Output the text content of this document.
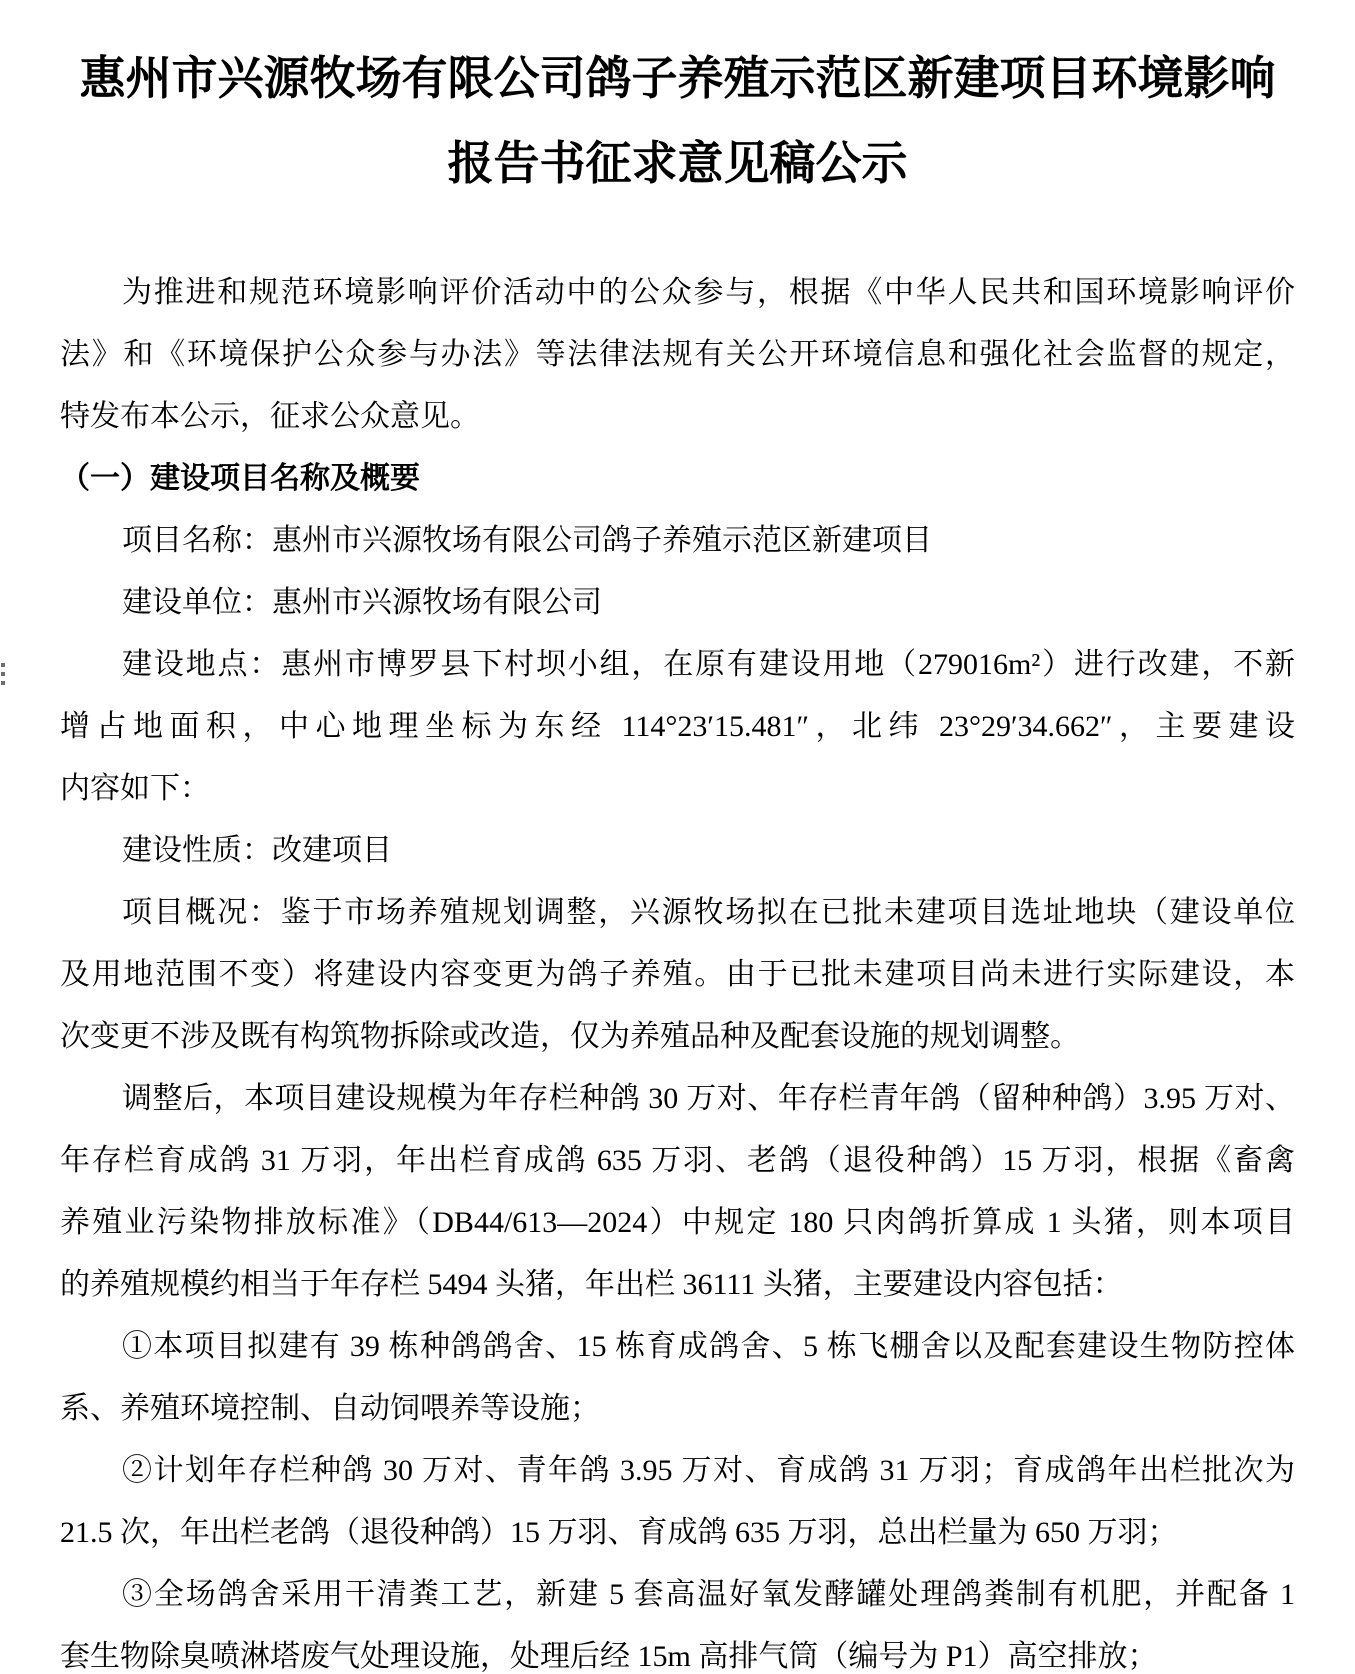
惠州市兴源牧场有限公司鸽子养殖示范区新建项目环境影响
报告书征求意见稿公示
为推进和规范环境影响评价活动中的公众参与，根据《中华人民共和国环境影响评价
法》和《环境保护公众参与办法》等法律法规有关公开环境信息和强化社会监督的规定，
特发布本公示，征求公众意见。
（一）建设项目名称及概要
项目名称：惠州市兴源牧场有限公司鸽子养殖示范区新建项目
建设单位：惠州市兴源牧场有限公司
建设地点：惠州市博罗县下村坝小组，在原有建设用地（279016m²）进行改建，不新
增占地面积，中心地理坐标为东经 114°23′15.481″，北纬 23°29′34.662″，主要建设
内容如下：
建设性质：改建项目
项目概况：鉴于市场养殖规划调整，兴源牧场拟在已批未建项目选址地块（建设单位
及用地范围不变）将建设内容变更为鸽子养殖。由于已批未建项目尚未进行实际建设，本
次变更不涉及既有构筑物拆除或改造，仅为养殖品种及配套设施的规划调整。
调整后，本项目建设规模为年存栏种鸽 30 万对、年存栏青年鸽（留种种鸽）3.95 万对、
年存栏育成鸽 31 万羽，年出栏育成鸽 635 万羽、老鸽（退役种鸽）15 万羽，根据《畜禽
养殖业污染物排放标准》（DB44/613—2024）中规定 180 只肉鸽折算成 1 头猪，则本项目
的养殖规模约相当于年存栏 5494 头猪，年出栏 36111 头猪，主要建设内容包括：
①本项目拟建有 39 栋种鸽鸽舍、15 栋育成鸽舍、5 栋飞棚舍以及配套建设生物防控体
系、养殖环境控制、自动饲喂养等设施；
②计划年存栏种鸽 30 万对、青年鸽 3.95 万对、育成鸽 31 万羽；育成鸽年出栏批次为
21.5 次，年出栏老鸽（退役种鸽）15 万羽、育成鸽 635 万羽，总出栏量为 650 万羽；
③全场鸽舍采用干清粪工艺，新建 5 套高温好氧发酵罐处理鸽粪制有机肥，并配备 1
套生物除臭喷淋塔废气处理设施，处理后经 15m 高排气筒（编号为 P1）高空排放；
